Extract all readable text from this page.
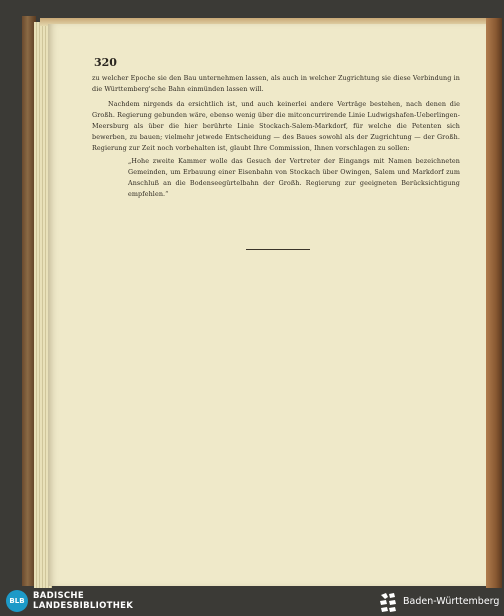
320
zu welcher Epoche sie den Bau unternehmen lassen, als auch in welcher Zugrichtung sie diese Verbindung in die Württemberg'sche Bahn einmünden lassen will.
Nachdem nirgends da ersichtlich ist, und auch keinerlei andere Verträge bestehen, nach denen die Großh. Regierung gebunden wäre, ebenso wenig über die mitconcurrirende Linie Ludwigshafen-Ueberlingen-Meersburg als über die hier berührte Linie Stockach-Salem-Markdorf, für welche die Petenten sich bewerben, zu bauen; vielmehr jetwede Entscheidung — des Baues sowohl als der Zugrichtung — der Großh. Regierung zur Zeit noch vorbehalten ist, glaubt Ihre Commission, Ihnen vorschlagen zu sollen:
„Hohe zweite Kammer wolle das Gesuch der Vertreter der Eingangs mit Namen bezeichneten Gemeinden, um Erbauung einer Eisenbahn von Stockach über Owingen, Salem und Markdorf zum Anschluß an die Bodenseegürtelbahn der Großh. Regierung zur geeigneten Berücksichtigung empfehlen.“
BLB BADISCHE
LANDESBIBLIOTHEK	Baden-Württemberg
